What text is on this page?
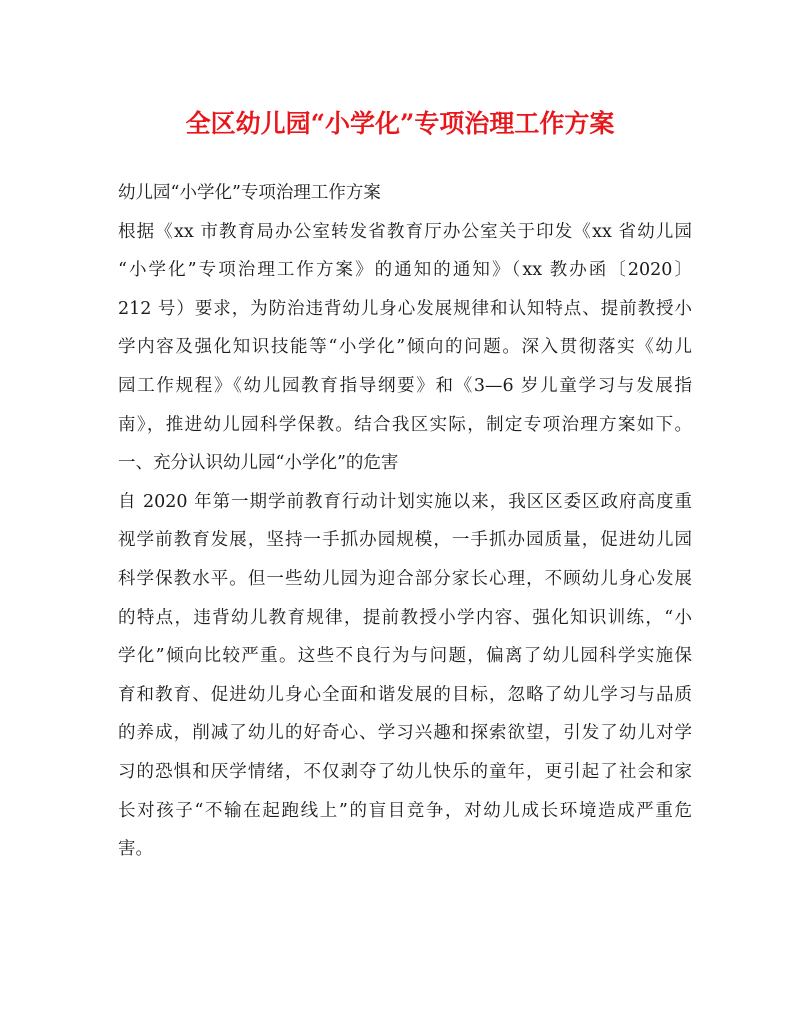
全区幼儿园“小学化”专项治理工作方案
幼儿园“小学化”专项治理工作方案
根据《xx 市教育局办公室转发省教育厅办公室关于印发《xx 省幼儿园
“小学化”专项治理工作方案》的通知的通知》（xx 教办函〔2020〕
212 号）要求，为防治违背幼儿身心发展规律和认知特点、提前教授小
学内容及强化知识技能等“小学化”倾向的问题。深入贯彻落实《幼儿
园工作规程》《幼儿园教育指导纲要》和《3—6 岁儿童学习与发展指
南》，推进幼儿园科学保教。结合我区实际，制定专项治理方案如下。
一、充分认识幼儿园“小学化”的危害
自 2020 年第一期学前教育行动计划实施以来，我区区委区政府高度重
视学前教育发展，坚持一手抓办园规模，一手抓办园质量，促进幼儿园
科学保教水平。但一些幼儿园为迎合部分家长心理，不顾幼儿身心发展
的特点，违背幼儿教育规律，提前教授小学内容、强化知识训练，“小
学化”倾向比较严重。这些不良行为与问题，偏离了幼儿园科学实施保
育和教育、促进幼儿身心全面和谐发展的目标，忽略了幼儿学习与品质
的养成，削减了幼儿的好奇心、学习兴趣和探索欲望，引发了幼儿对学
习的恐惧和厌学情绪，不仅剥夺了幼儿快乐的童年，更引起了社会和家
长对孩子“不输在起跑线上”的盲目竞争，对幼儿成长环境造成严重危
害。
